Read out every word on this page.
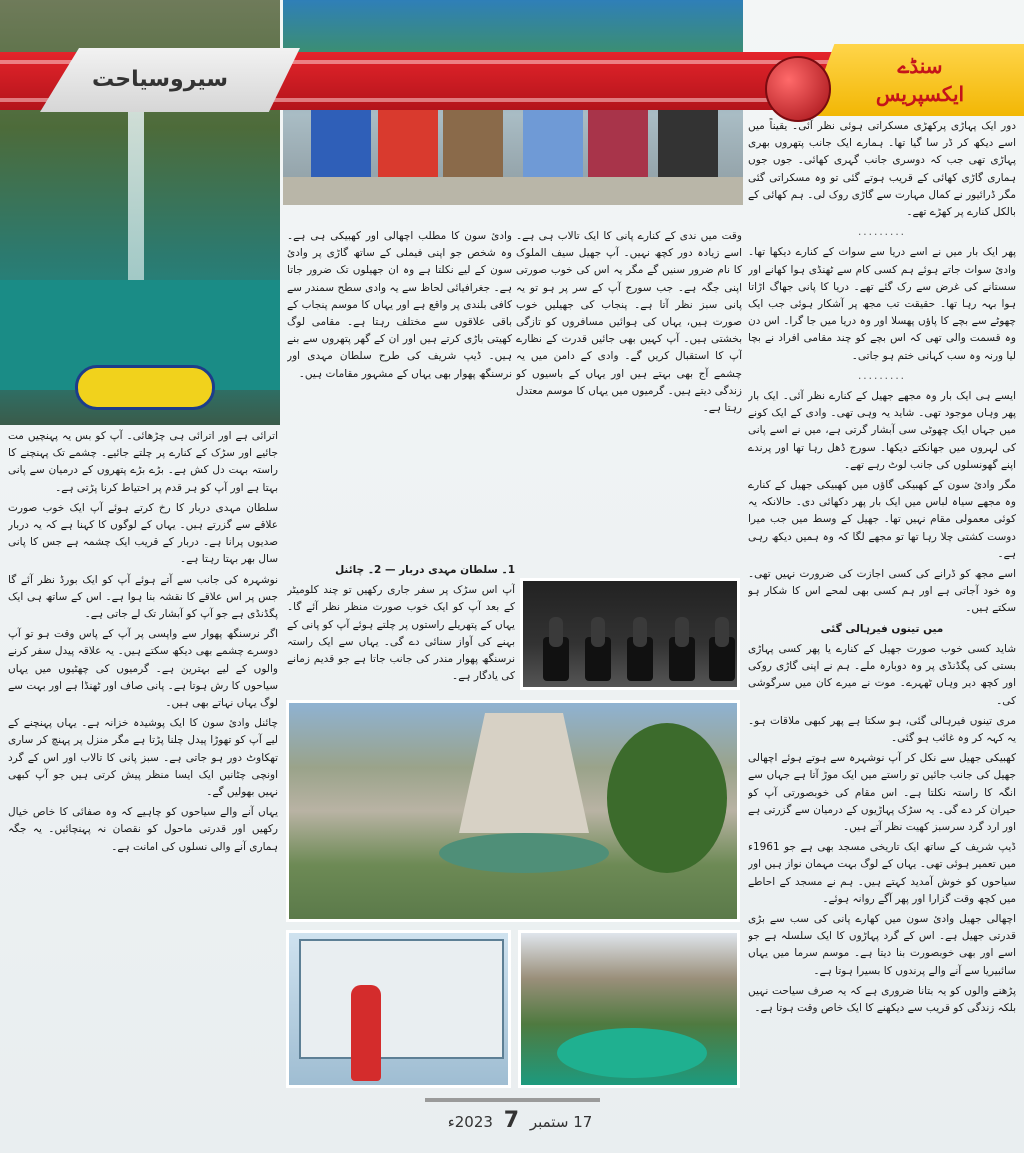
سیروسیاحت
سنڈے
ایکسپریس

دور ایک پہاڑی پرکھڑی مسکراتی ہوئی نظر آئی۔ یقیناً میں اسے دیکھ کر ڈر سا گیا تھا۔ ہمارے ایک جانب پتھروں بھری پہاڑی تھی جب کہ دوسری جانب گہری کھائی۔ جوں جوں ہماری گاڑی کھائی کے قریب ہوتے گئی تو وہ مسکراتی گئی مگر ڈرائیور نے کمال مہارت سے گاڑی روک لی۔ ہم کھائی کے بالکل کنارے پر کھڑے تھے۔

.........

پھر ایک بار میں نے اسے دریا سے سوات کے کنارے دیکھا تھا۔ وادیٔ سوات جاتے ہوئے ہم کسی کام سے ٹھنڈی ہوا کھانے اور سستانے کی غرض سے رک گئے تھے۔ دریا کا پانی جھاگ اڑاتا ہوا بہہ رہا تھا۔ حقیقت تب مجھ پر آشکار ہوئی جب ایک چھوٹے سے بچے کا پاؤں پھسلا اور وہ دریا میں جا گرا۔ اس دن وہ قسمت والی تھی کہ اس بچے کو چند مقامی افراد نے بچا لیا ورنہ وہ سب کہانی ختم ہو جاتی۔

.........

ایسے ہی ایک بار وہ مجھے جھیل کے کنارے نظر آئی۔ ایک بار پھر وہاں موجود تھی۔ شاید یہ وہی تھی۔ وادی کے ایک کونے میں جہاں ایک چھوٹی سی آبشار گرتی ہے، میں نے اسے پانی کی لہروں میں جھانکتے دیکھا۔ سورج ڈھل رہا تھا اور پرندے اپنے گھونسلوں کی جانب لوٹ رہے تھے۔

مگر وادیٔ سون کے کھبیکی گاؤں میں کھبیکی جھیل کے کنارے وہ مجھے سیاہ لباس میں ایک بار پھر دکھائی دی۔ حالانکہ یہ کوئی معمولی مقام نہیں تھا۔ جھیل کے وسط میں جب میرا دوست کشتی چلا رہا تھا تو مجھے لگا کہ وہ ہمیں دیکھ رہی ہے۔

اسے مجھ کو ڈرانے کی کسی اجازت کی ضرورت نہیں تھی۔ وہ خود آجاتی ہے اور ہم کسی بھی لمحے اس کا شکار ہو سکتے ہیں۔

میں تینوں فیرہالی گئی

شاید کسی خوب صورت جھیل کے کنارے یا پھر کسی پہاڑی بستی کی پگڈنڈی پر وہ دوبارہ ملے۔ ہم نے اپنی گاڑی روکی اور کچھ دیر وہاں ٹھہرے۔ موت نے میرے کان میں سرگوشی کی۔

مری تینوں فیرہالی گئی، ہو سکتا ہے پھر کبھی ملاقات ہو۔ یہ کہہ کر وہ غائب ہو گئی۔

کھبیکی جھیل سے نکل کر آپ نوشہرہ سے ہوتے ہوئے اچھالی جھیل کی جانب جائیں تو راستے میں ایک موڑ آتا ہے جہاں سے انگہ کا راستہ نکلتا ہے۔ اس مقام کی خوبصورتی آپ کو حیران کر دے گی۔ یہ سڑک پہاڑیوں کے درمیان سے گزرتی ہے اور ارد گرد سرسبز کھیت نظر آتے ہیں۔

ڈیپ شریف کے ساتھ ایک تاریخی مسجد بھی ہے جو 1961ء میں تعمیر ہوئی تھی۔ یہاں کے لوگ بہت مہمان نواز ہیں اور سیاحوں کو خوش آمدید کہتے ہیں۔ ہم نے مسجد کے احاطے میں کچھ وقت گزارا اور پھر آگے روانہ ہوئے۔

اچھالی جھیل وادیٔ سون میں کھارے پانی کی سب سے بڑی قدرتی جھیل ہے۔ اس کے گرد پہاڑوں کا ایک سلسلہ ہے جو اسے اور بھی خوبصورت بنا دیتا ہے۔ موسم سرما میں یہاں سائبیریا سے آنے والے پرندوں کا بسیرا ہوتا ہے۔

پڑھنے والوں کو یہ بتانا ضروری ہے کہ یہ صرف سیاحت نہیں بلکہ زندگی کو قریب سے دیکھنے کا ایک خاص وقت ہوتا ہے۔

وقت میں ندی کے کنارے پانی کا ایک تالاب ہی ہے۔ اسے زیادہ دور کچھ نہیں۔ آپ جھیل سیف الملوک کا نام ضرور سنیں گے مگر یہ اس کی خوب صورتی اپنی جگہ ہے۔ جب سورج آپ کے سر پر ہو تو یہ پانی سبز نظر آتا ہے۔ پنجاب کی جھیلیں خوب صورت ہیں، یہاں کی ہوائیں مسافروں کو تازگی بخشتی ہیں۔ آپ کہیں بھی جائیں قدرت کے نظارے آپ کا استقبال کریں گے۔ وادی کے دامن میں یہ چشمے آج بھی بہتے ہیں اور یہاں کے باسیوں کو زندگی دیتے ہیں۔ گرمیوں میں یہاں کا موسم معتدل رہتا ہے۔

وادیٔ سون کا مطلب اچھالی اور کھبیکی ہی ہے۔ وہ شخص جو اپنی فیملی کے ساتھ گاڑی پر وادیٔ سون کے لیے نکلتا ہے وہ ان جھیلوں تک ضرور جاتا ہے۔ جغرافیائی لحاظ سے یہ وادی سطح سمندر سے کافی بلندی پر واقع ہے اور یہاں کا موسم پنجاب کے باقی علاقوں سے مختلف رہتا ہے۔ مقامی لوگ کھیتی باڑی کرتے ہیں اور ان کے گھر پتھروں سے بنے ہیں۔ ڈیپ شریف کی طرح سلطان مہدی اور نرسنگھ پھوار بھی یہاں کے مشہور مقامات ہیں۔

1۔ سلطان مہدی دربار — 2۔ چائنل

آپ اس سڑک پر سفر جاری رکھیں تو چند کلومیٹر کے بعد آپ کو ایک خوب صورت منظر نظر آئے گا۔ یہاں کے پتھریلے راستوں پر چلتے ہوئے آپ کو پانی کے بہنے کی آواز سنائی دے گی۔ یہاں سے ایک راستہ نرسنگھ پھوار مندر کی جانب جاتا ہے جو قدیم زمانے کی یادگار ہے۔

اترائی ہے اور اترائی ہی چڑھائی۔ آپ کو بس یہ پہنچیں مت جائیے اور سڑک کے کنارے پر چلتے جائیے۔ چشمے تک پہنچنے کا راستہ بہت دل کش ہے۔ بڑے بڑے پتھروں کے درمیان سے پانی بہتا ہے اور آپ کو ہر قدم پر احتیاط کرنا پڑتی ہے۔

سلطان مہدی دربار کا رخ کرتے ہوئے آپ ایک خوب صورت علاقے سے گزرتے ہیں۔ یہاں کے لوگوں کا کہنا ہے کہ یہ دربار صدیوں پرانا ہے۔ دربار کے قریب ایک چشمہ ہے جس کا پانی سال بھر بہتا رہتا ہے۔

نوشہرہ کی جانب سے آتے ہوئے آپ کو ایک بورڈ نظر آئے گا جس پر اس علاقے کا نقشہ بنا ہوا ہے۔ اس کے ساتھ ہی ایک پگڈنڈی ہے جو آپ کو آبشار تک لے جاتی ہے۔

اگر نرسنگھ پھوار سے واپسی پر آپ کے پاس وقت ہو تو آپ دوسرے چشمے بھی دیکھ سکتے ہیں۔ یہ علاقہ پیدل سفر کرنے والوں کے لیے بہترین ہے۔ گرمیوں کی چھٹیوں میں یہاں سیاحوں کا رش ہوتا ہے۔ پانی صاف اور ٹھنڈا ہے اور بہت سے لوگ یہاں نہاتے بھی ہیں۔

چائنل وادیٔ سون کا ایک پوشیدہ خزانہ ہے۔ یہاں پہنچنے کے لیے آپ کو تھوڑا پیدل چلنا پڑتا ہے مگر منزل پر پہنچ کر ساری تھکاوٹ دور ہو جاتی ہے۔ سبز پانی کا تالاب اور اس کے گرد اونچی چٹانیں ایک ایسا منظر پیش کرتی ہیں جو آپ کبھی نہیں بھولیں گے۔

یہاں آنے والے سیاحوں کو چاہیے کہ وہ صفائی کا خاص خیال رکھیں اور قدرتی ماحول کو نقصان نہ پہنچائیں۔ یہ جگہ ہماری آنے والی نسلوں کی امانت ہے۔

17 ستمبر 7 2023ء
